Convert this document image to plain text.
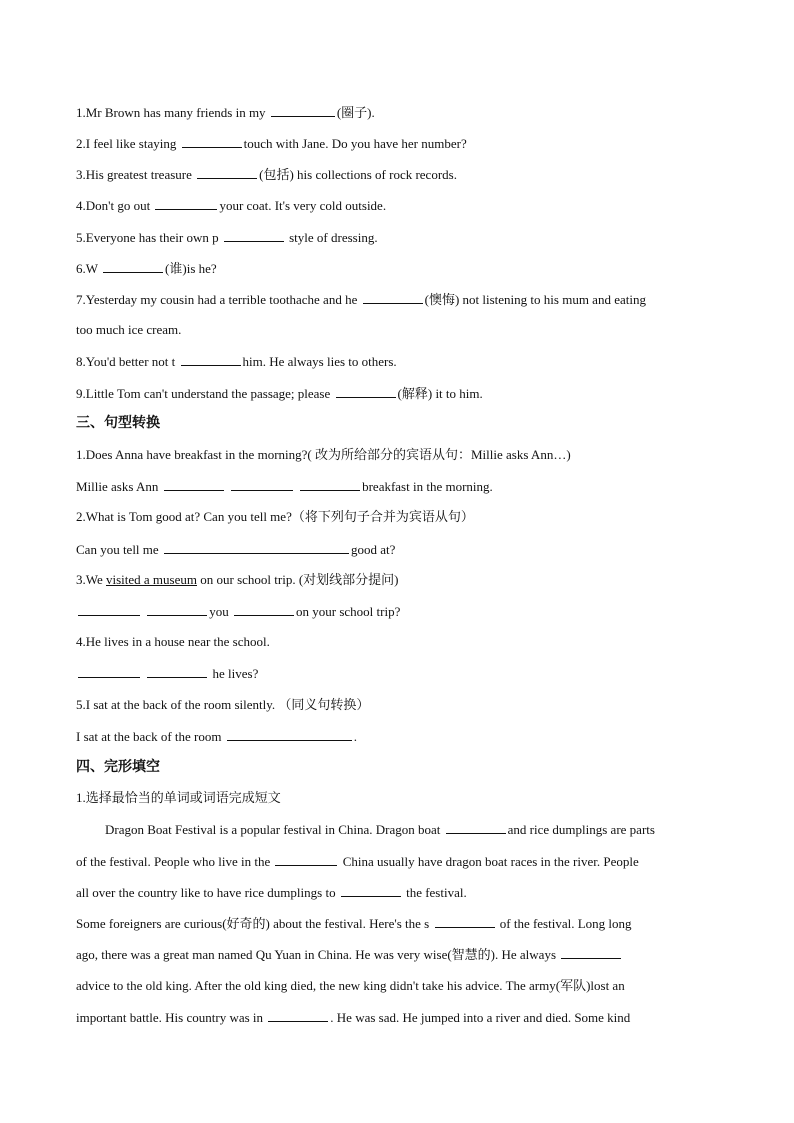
1.Mr Brown has many friends in my	(圈子).
2.I feel like staying	touch with Jane. Do you have her number?
3.His greatest treasure	(包括) his collections of rock records.
4.Don't go out	your coat. It's very cold outside.
5.Everyone has their own p	style of dressing.
6.W	(谁)is he?
7.Yesterday my cousin had a terrible toothache and he	(懊悔) not listening to his mum and eating
too much ice cream.
8.You'd better not t	him. He always lies to others.
9.Little Tom can't understand the passage; please	(解释) it to him.
三、句型转换
1.Does Anna have breakfast in the morning?( 改为所给部分的宾语从句：Millie asks Ann…)
Millie asks Ann	breakfast in the morning.
2.What is Tom good at? Can you tell me?（将下列句子合并为宾语从句）
Can you tell me	good at?
3.We visited a museum on our school trip. (对划线部分提问)
you	on your school trip?
4.He lives in a house near the school.
he lives?
5.I sat at the back of the room silently. （同义句转换）
I sat at the back of the room	.
四、完形填空
1.选择最恰当的单词或词语完成短文
Dragon Boat Festival is a popular festival in China. Dragon boat	and rice dumplings are parts
of the festival. People who live in the	China usually have dragon boat races in the river. People
all over the country like to have rice dumplings to	the festival.
Some foreigners are curious(好奇的) about the festival. Here's the s	of the festival. Long long
ago, there was a great man named Qu Yuan in China. He was very wise(智慧的). He always
advice to the old king. After the old king died, the new king didn't take his advice. The army(军队)lost an
important battle. His country was in	. He was sad. He jumped into a river and died. Some kind
